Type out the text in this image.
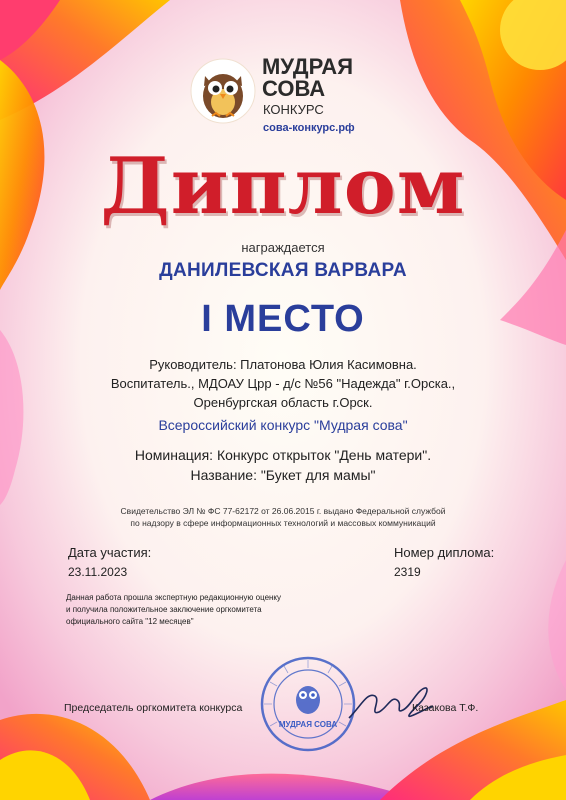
МУДРАЯ
СОВА
КОНКУРС
сова-конкурс.рф
Диплом
награждается
ДАНИЛЕВСКАЯ ВАРВАРА
I МЕСТО
Руководитель: Платонова Юлия Касимовна.
Воспитатель., МДОАУ Црр - д/с №56 "Надежда" г.Орска.,
Оренбургская область г.Орск.
Всероссийский конкурс "Мудрая сова"
Номинация: Конкурс открыток "День матери".
Название: "Букет для мамы"
Свидетельство ЭЛ № ФС 77-62172 от 26.06.2015 г. выдано Федеральной службой
по надзору в сфере информационных технологий и массовых коммуникаций
Дата участия:
23.11.2023
Номер диплома:
2319
Данная работа прошла экспертную редакционную оценку
и получила положительное заключение оргкомитета
официального сайта "12 месяцев"
Председатель оргкомитета конкурса
МУДРАЯ СОВА
Казакова Т.Ф.
